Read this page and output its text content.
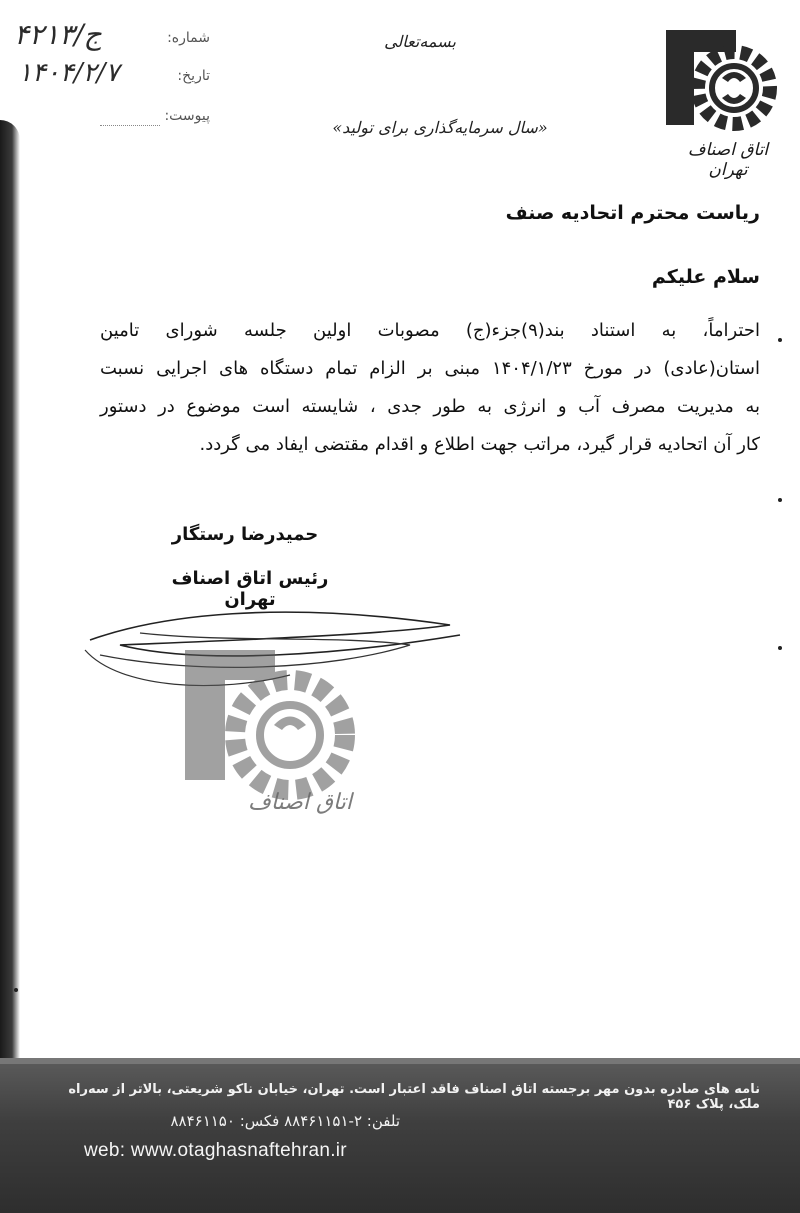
اتاق اصناف تهران
شماره:
۴۲۱۳/ج
تاریخ:
۱۴۰۴/۲/۷
پیوست:
بسمه‌تعالی
«سال سرمایه‌گذاری برای تولید»
ریاست محترم اتحادیه صنف
سلام علیکم
احتراماً، به استناد بند(۹)جزء(ج) مصوبات اولین جلسه شورای تامین
استان(عادی) در مورخ ۱۴۰۴/۱/۲۳ مبنی بر الزام تمام دستگاه های اجرایی نسبت
به مدیریت مصرف آب و انرژی به طور جدی ، شایسته است موضوع در دستور
کار آن اتحادیه قرار گیرد، مراتب جهت اطلاع و اقدام مقتضی ایفاد می گردد.
حمیدرضا رستگار
رئیس اتاق اصناف تهران
اتاق اصناف
نامه های صادره بدون مهر برجسته اتاق اصناف فاقد اعتبار است. تهران، خیابان ناکو شریعتی، بالاتر از سه‌راه ملک، پلاک ۴۵۶
تلفن: ۲-۸۸۴۶۱۱۵۱ فکس: ۸۸۴۶۱۱۵۰
web: www.otaghasnaftehran.ir
